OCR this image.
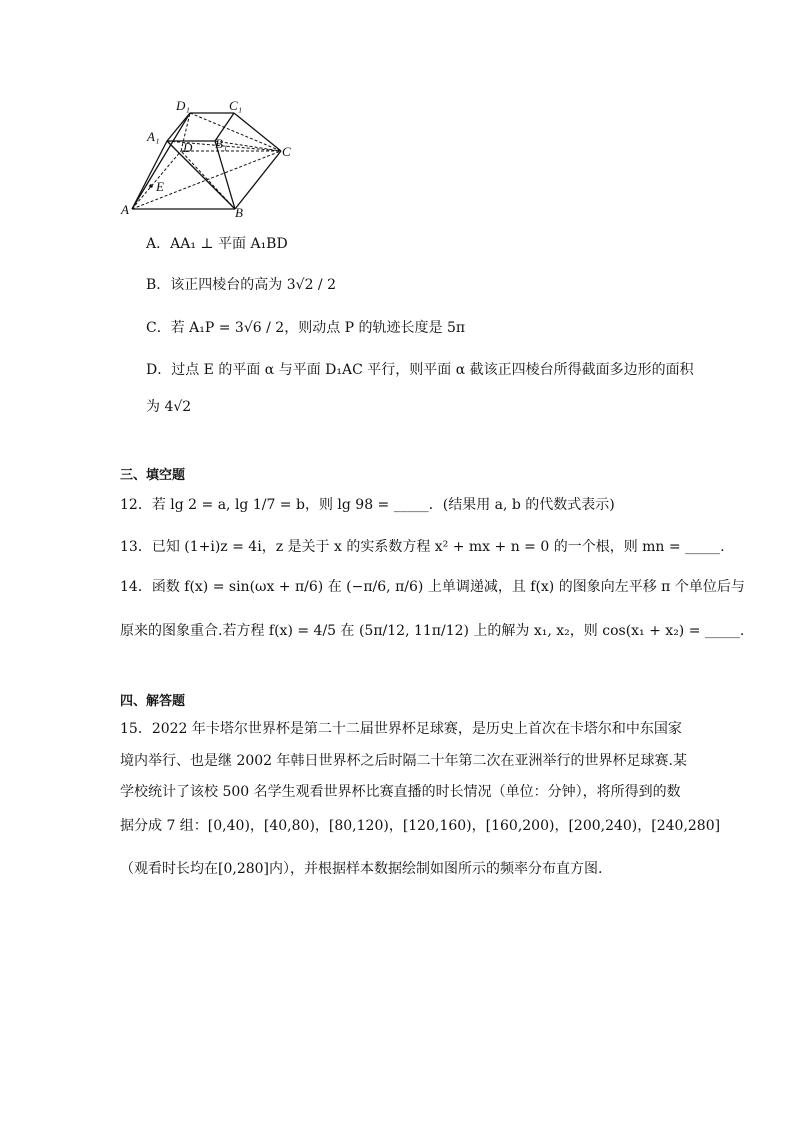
D₁	C₁
A₁
D B₁
C
E
A	B
A．AA₁ ⊥ 平面 A₁BD
B．该正四棱台的高为 3√2 / 2
C．若 A₁P = 3√6 / 2，则动点 P 的轨迹长度是 5π
D．过点 E 的平面 α 与平面 D₁AC 平行，则平面 α 截该正四棱台所得截面多边形的面积
为 4√2
三、填空题
12．若 lg 2 = a, lg 1/7 = b，则 lg 98 = _____．(结果用 a, b 的代数式表示)
13．已知 (1+i)z = 4i，z 是关于 x 的实系数方程 x² + mx + n = 0 的一个根，则 mn = _____.
14．函数 f(x) = sin(ωx + π/6) 在 (−π/6, π/6) 上单调递减，且 f(x) 的图象向左平移 π 个单位后与
原来的图象重合.若方程 f(x) = 4/5 在 (5π/12, 11π/12) 上的解为 x₁, x₂，则 cos(x₁ + x₂) = _____.
四、解答题
15．2022 年卡塔尔世界杯是第二十二届世界杯足球赛，是历史上首次在卡塔尔和中东国家
境内举行、也是继 2002 年韩日世界杯之后时隔二十年第二次在亚洲举行的世界杯足球赛.某
学校统计了该校 500 名学生观看世界杯比赛直播的时长情况（单位：分钟），将所得到的数
据分成 7 组：[0,40)，[40,80)，[80,120)，[120,160)，[160,200)，[200,240)，[240,280]
（观看时长均在[0,280]内），并根据样本数据绘制如图所示的频率分布直方图.
